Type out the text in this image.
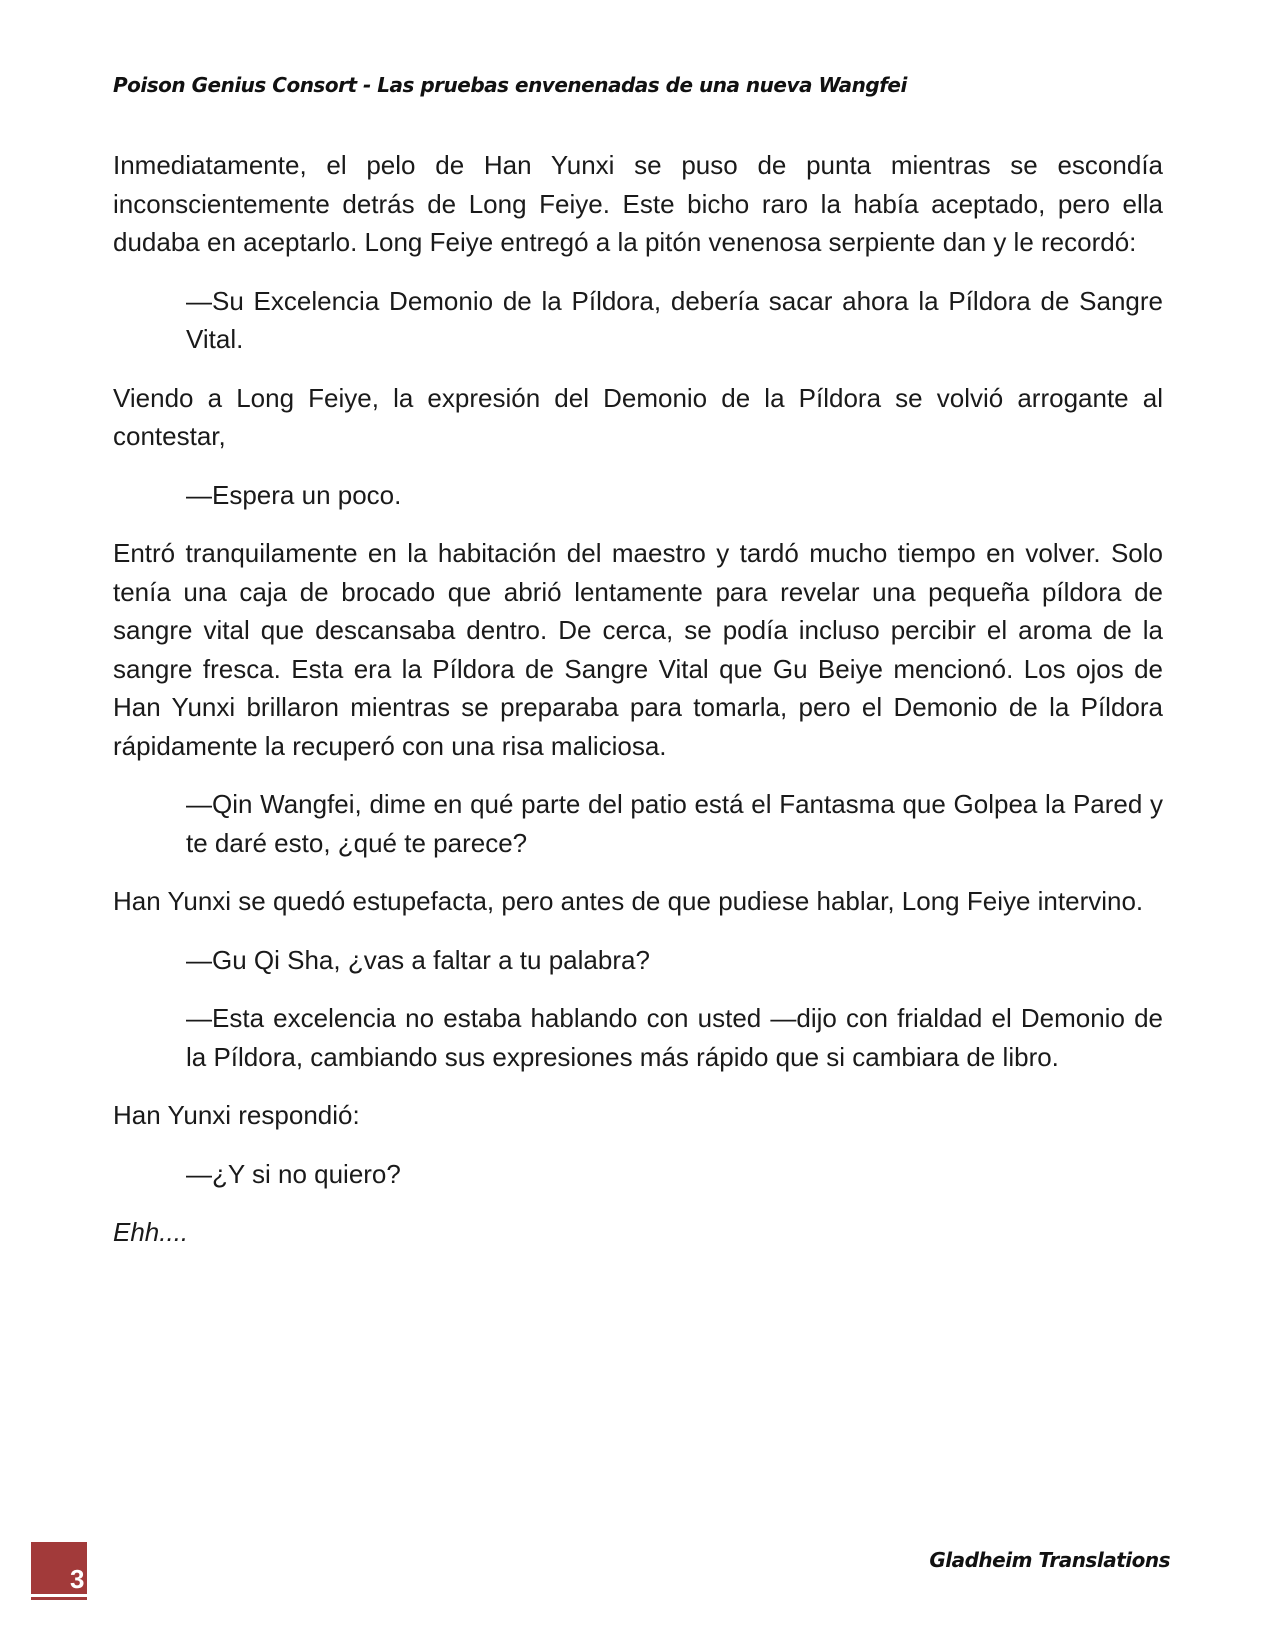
Poison Genius Consort - Las pruebas envenenadas de una nueva Wangfei

Inmediatamente, el pelo de Han Yunxi se puso de punta mientras se escondía inconscientemente detrás de Long Feiye. Este bicho raro la había aceptado, pero ella dudaba en aceptarlo. Long Feiye entregó a la pitón venenosa serpiente dan y le recordó:

—Su Excelencia Demonio de la Píldora, debería sacar ahora la Píldora de Sangre Vital.

Viendo a Long Feiye, la expresión del Demonio de la Píldora se volvió arrogante al contestar,

—Espera un poco.

Entró tranquilamente en la habitación del maestro y tardó mucho tiempo en volver. Solo tenía una caja de brocado que abrió lentamente para revelar una pequeña píldora de sangre vital que descansaba dentro. De cerca, se podía incluso percibir el aroma de la sangre fresca. Esta era la Píldora de Sangre Vital que Gu Beiye mencionó. Los ojos de Han Yunxi brillaron mientras se preparaba para tomarla, pero el Demonio de la Píldora rápidamente la recuperó con una risa maliciosa.

—Qin Wangfei, dime en qué parte del patio está el Fantasma que Golpea la Pared y te daré esto, ¿qué te parece?

Han Yunxi se quedó estupefacta, pero antes de que pudiese hablar, Long Feiye intervino.

—Gu Qi Sha, ¿vas a faltar a tu palabra?

—Esta excelencia no estaba hablando con usted —dijo con frialdad el Demonio de la Píldora, cambiando sus expresiones más rápido que si cambiara de libro.

Han Yunxi respondió:

—¿Y si no quiero?

Ehh....

3
Gladheim Translations
